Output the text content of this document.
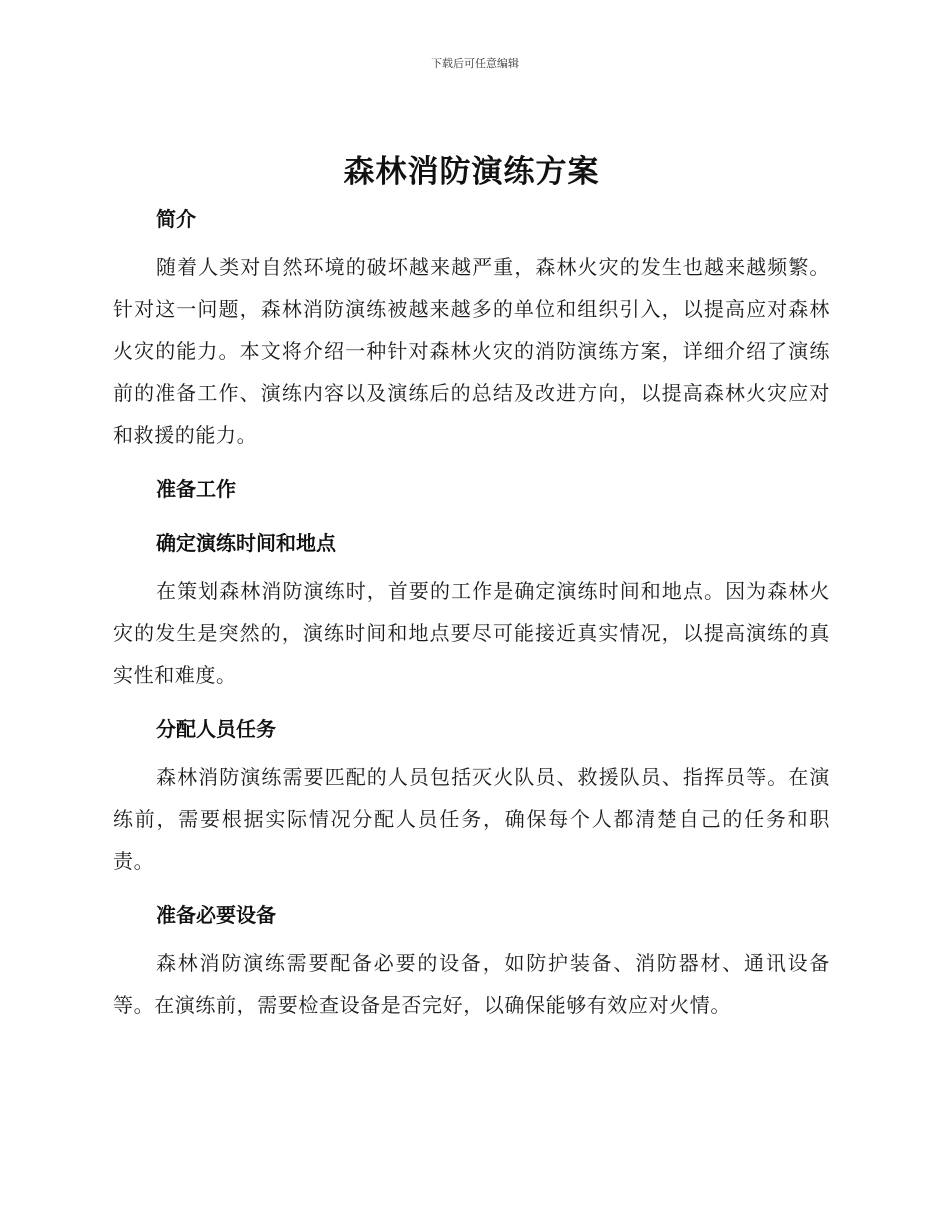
下载后可任意编辑
森林消防演练方案
简介

随着人类对自然环境的破坏越来越严重，森林火灾的发生也越来越频繁。针对这一问题，森林消防演练被越来越多的单位和组织引入，以提高应对森林火灾的能力。本文将介绍一种针对森林火灾的消防演练方案，详细介绍了演练前的准备工作、演练内容以及演练后的总结及改进方向，以提高森林火灾应对和救援的能力。

准备工作
确定演练时间和地点

在策划森林消防演练时，首要的工作是确定演练时间和地点。因为森林火灾的发生是突然的，演练时间和地点要尽可能接近真实情况，以提高演练的真实性和难度。

分配人员任务

森林消防演练需要匹配的人员包括灭火队员、救援队员、指挥员等。在演练前，需要根据实际情况分配人员任务，确保每个人都清楚自己的任务和职责。

准备必要设备

森林消防演练需要配备必要的设备，如防护装备、消防器材、通讯设备等。在演练前，需要检查设备是否完好，以确保能够有效应对火情。
